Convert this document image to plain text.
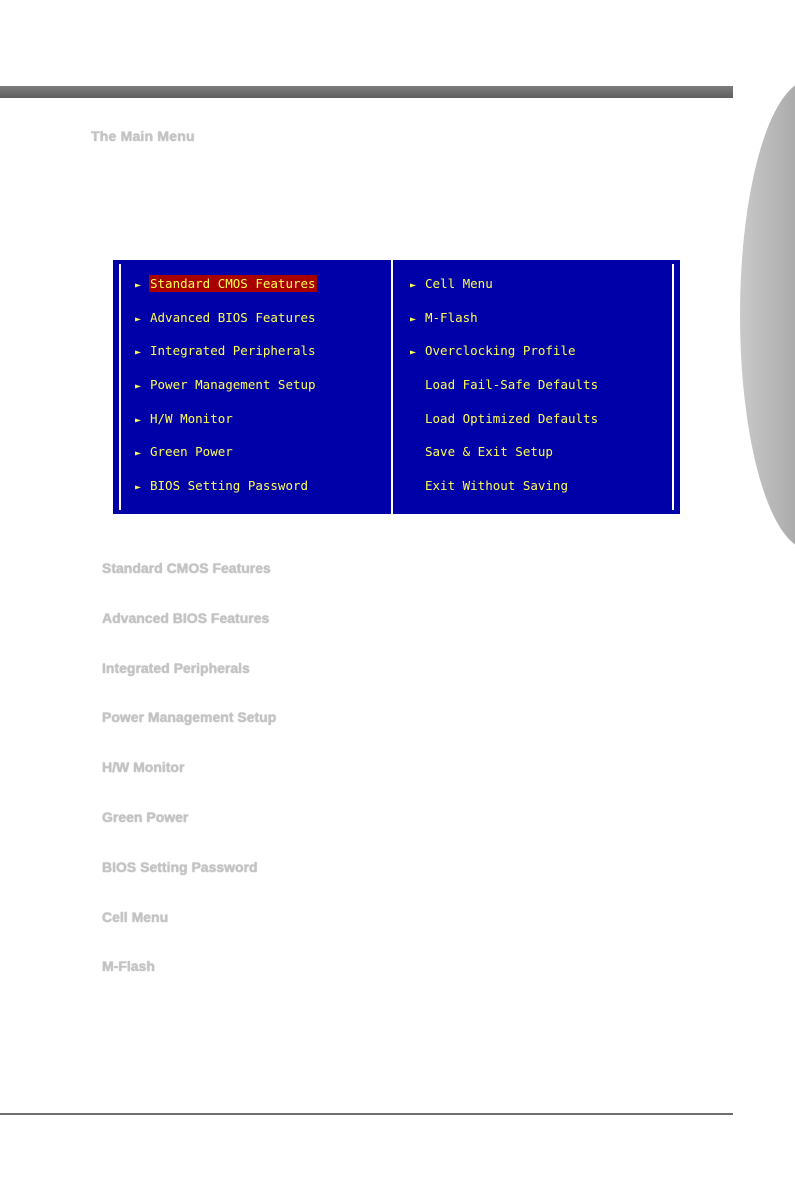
The Main Menu
► Standard CMOS Features
► Advanced BIOS Features
► Integrated Peripherals
► Power Management Setup
► H/W Monitor
► Green Power
► BIOS Setting Password
► Cell Menu
► M-Flash
► Overclocking Profile
Load Fail-Safe Defaults
Load Optimized Defaults
Save & Exit Setup
Exit Without Saving
Standard CMOS Features
Advanced BIOS Features
Integrated Peripherals
Power Management Setup
H/W Monitor
Green Power
BIOS Setting Password
Cell Menu
M-Flash
